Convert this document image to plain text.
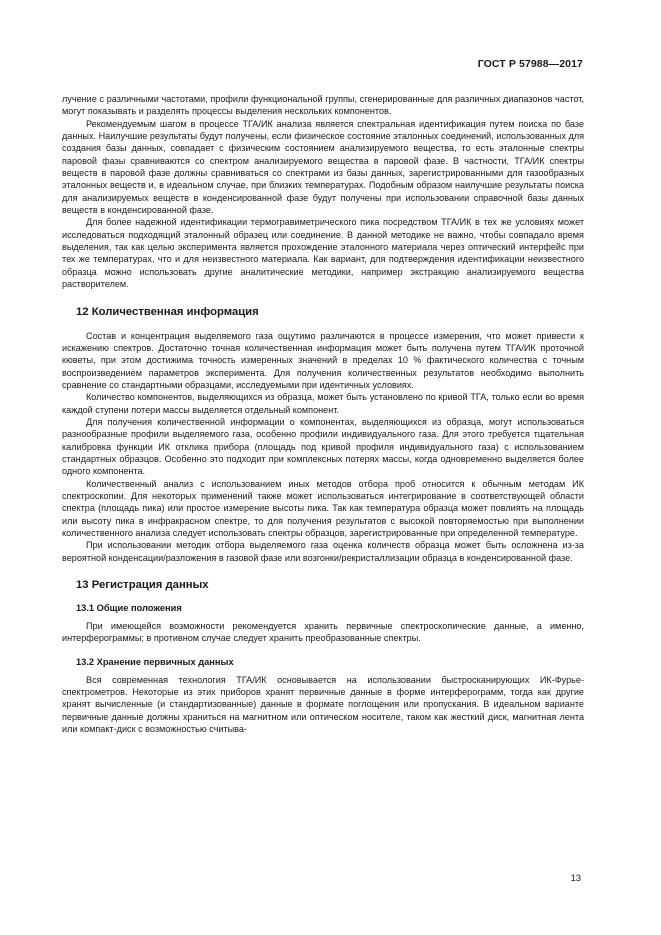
ГОСТ Р 57988—2017

лучение с различными частотами, профили функциональной группы, сгенерированные для различных диапазонов частот, могут показывать и разделять процессы выделения нескольких компонентов.

Рекомендуемым шагом в процессе ТГА/ИК анализа является спектральная идентификация путем поиска по базе данных. Наилучшие результаты будут получены, если физическое состояние эталонных соединений, использованных для создания базы данных, совпадает с физическим состоянием анализируемого вещества, то есть эталонные спектры паровой фазы сравниваются со спектром анализируемого вещества в паровой фазе. В частности, ТГА/ИК спектры веществ в паровой фазе должны сравниваться со спектрами из базы данных, зарегистрированными для газообразных эталонных веществ и, в идеальном случае, при близких температурах. Подобным образом наилучшие результаты поиска для анализируемых веществ в конденсированной фазе будут получены при использовании справочной базы данных веществ в конденсированной фазе.

Для более надежной идентификации термогравиметрического пика посредством ТГА/ИК в тех же условиях может исследоваться подходящий эталонный образец или соединение. В данной методике не важно, чтобы совпадало время выделения, так как целью эксперимента является прохождение эталонного материала через оптический интерфейс при тех же температурах, что и для неизвестного материала. Как вариант, для подтверждения идентификации неизвестного образца можно использовать другие аналитические методики, например экстракцию анализируемого вещества растворителем.

12 Количественная информация

Состав и концентрация выделяемого газа ощутимо различаются в процессе измерения, что может привести к искажению спектров. Достаточно точная количественная информация может быть получена путем ТГА/ИК проточной кюветы, при этом достижима точность измеренных значений в пределах 10 % фактического количества с точным воспроизведением параметров эксперимента. Для получения количественных результатов необходимо выполнить сравнение со стандартными образцами, исследуемыми при идентичных условиях.

Количество компонентов, выделяющихся из образца, может быть установлено по кривой ТГА, только если во время каждой ступени потери массы выделяется отдельный компонент.

Для получения количественной информации о компонентах, выделяющихся из образца, могут использоваться разнообразные профили выделяемого газа, особенно профили индивидуального газа. Для этого требуется тщательная калибровка функции ИК отклика прибора (площадь под кривой профиля индивидуального газа) с использованием стандартных образцов. Особенно это подходит при комплексных потерях массы, когда одновременно выделяется более одного компонента.

Количественный анализ с использованием иных методов отбора проб относится к обычным методам ИК спектроскопии. Для некоторых применений также может использоваться интегрирование в соответствующей области спектра (площадь пика) или простое измерение высоты пика. Так как температура образца может повлиять на площадь или высоту пика в инфракрасном спектре, то для получения результатов с высокой повторяемостью при выполнении количественного анализа следует использовать спектры образцов, зарегистрированные при определенной температуре.

При использовании методик отбора выделяемого газа оценка количеств образца может быть осложнена из-за вероятной конденсации/разложения в газовой фазе или возгонки/рекристаллизации образца в конденсированной фазе.

13 Регистрация данных
13.1 Общие положения

При имеющейся возможности рекомендуется хранить первичные спектроскопические данные, а именно, интерферограммы; в противном случае следует хранить преобразованные спектры.

13.2 Хранение первичных данных

Вся современная технология ТГА/ИК основывается на использовании быстросканирующих ИК-Фурье-спектрометров. Некоторые из этих приборов хранят первичные данные в форме интерферограмм, тогда как другие хранят вычисленные (и стандартизованные) данные в формате поглощения или пропускания. В идеальном варианте первичные данные должны храниться на магнитном или оптическом носителе, таком как жесткий диск, магнитная лента или компакт-диск с возможностью считыва-

13
